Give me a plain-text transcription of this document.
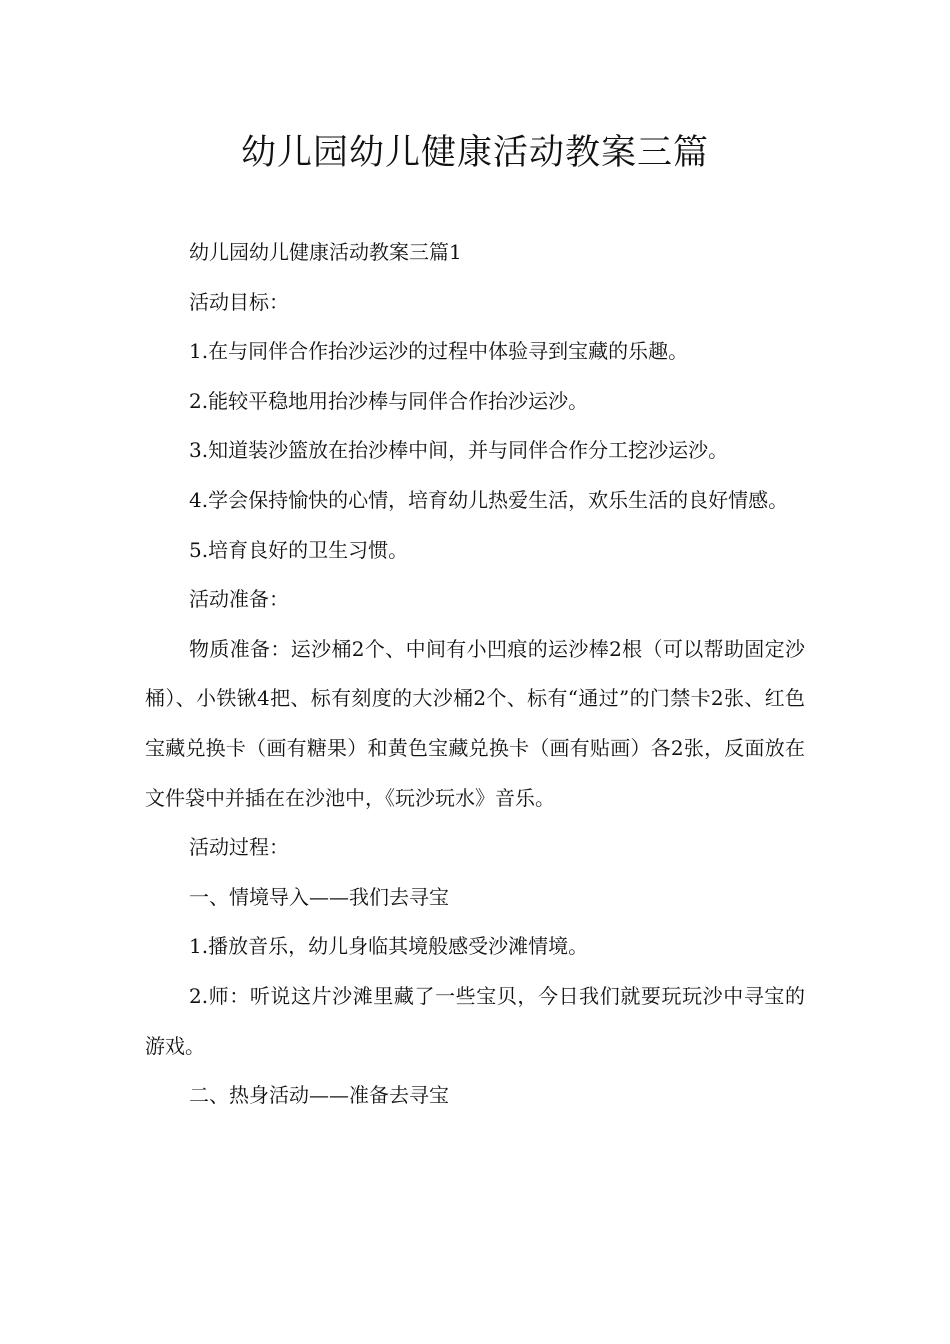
幼儿园幼儿健康活动教案三篇

幼儿园幼儿健康活动教案三篇1

活动目标：

1.在与同伴合作抬沙运沙的过程中体验寻到宝藏的乐趣。

2.能较平稳地用抬沙棒与同伴合作抬沙运沙。

3.知道装沙篮放在抬沙棒中间，并与同伴合作分工挖沙运沙。

4.学会保持愉快的心情，培育幼儿热爱生活，欢乐生活的良好情感。

5.培育良好的卫生习惯。

活动准备：

物质准备：运沙桶2个、中间有小凹痕的运沙棒2根（可以帮助固定沙桶）、小铁锹4把、标有刻度的大沙桶2个、标有“通过”的门禁卡2张、红色宝藏兑换卡（画有糖果）和黄色宝藏兑换卡（画有贴画）各2张，反面放在文件袋中并插在在沙池中，《玩沙玩水》音乐。

活动过程：

一、情境导入——我们去寻宝

1.播放音乐，幼儿身临其境般感受沙滩情境。

2.师：听说这片沙滩里藏了一些宝贝，今日我们就要玩玩沙中寻宝的游戏。

二、热身活动——准备去寻宝
